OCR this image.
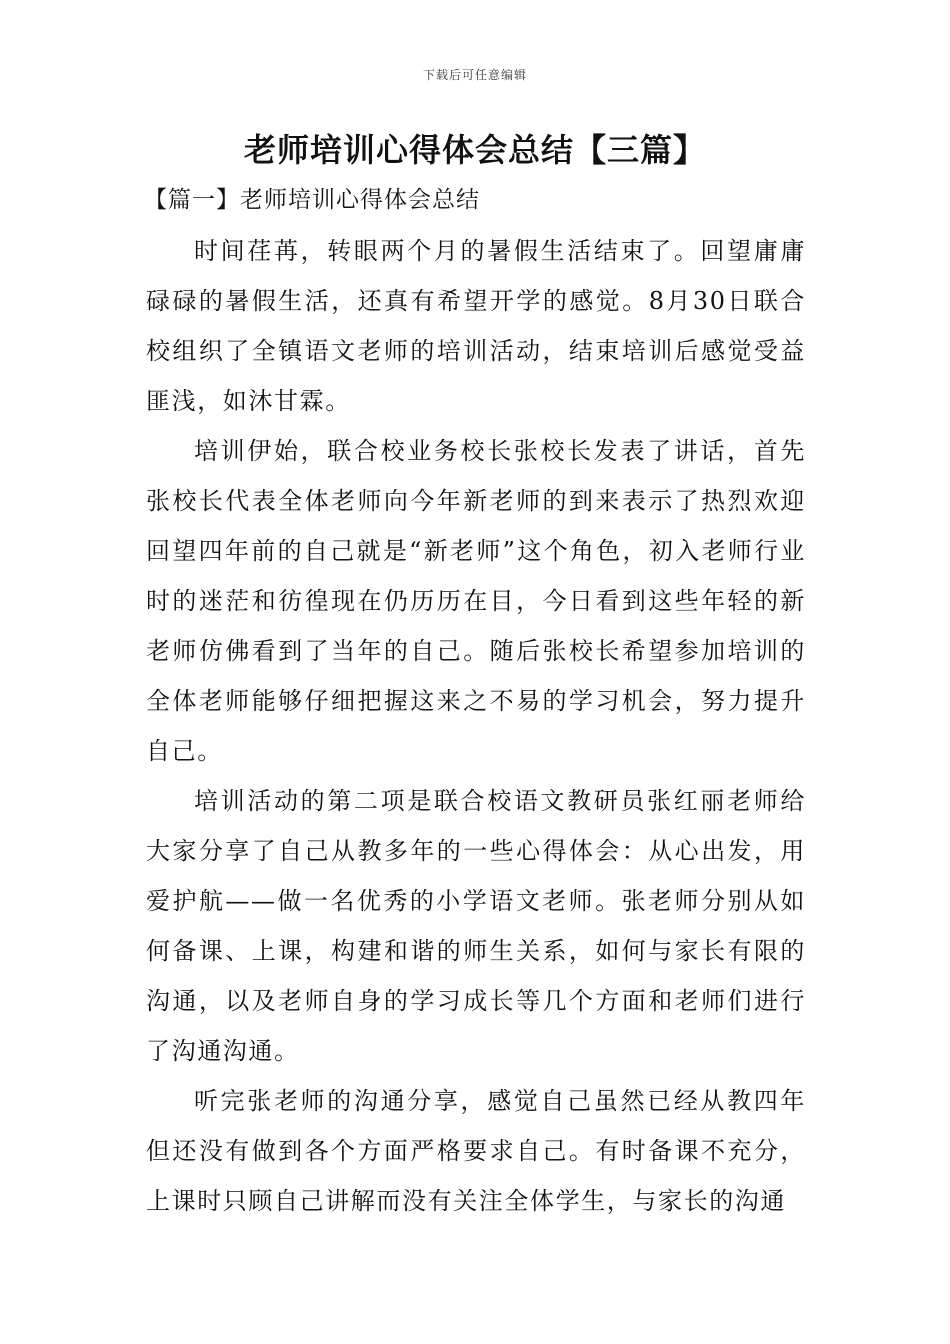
下载后可任意编辑
老师培训心得体会总结【三篇】
【篇一】老师培训心得体会总结

时间荏苒，转眼两个月的暑假生活结束了。回望庸庸碌碌的暑假生活，还真有希望开学的感觉。8月30日联合校组织了全镇语文老师的培训活动，结束培训后感觉受益匪浅，如沐甘霖。

培训伊始，联合校业务校长张校长发表了讲话，首先张校长代表全体老师向今年新老师的到来表示了热烈欢迎回望四年前的自己就是“新老师”这个角色，初入老师行业时的迷茫和彷徨现在仍历历在目，今日看到这些年轻的新老师仿佛看到了当年的自己。随后张校长希望参加培训的全体老师能够仔细把握这来之不易的学习机会，努力提升自己。

培训活动的第二项是联合校语文教研员张红丽老师给大家分享了自己从教多年的一些心得体会：从心出发，用爱护航——做一名优秀的小学语文老师。张老师分别从如何备课、上课，构建和谐的师生关系，如何与家长有限的沟通，以及老师自身的学习成长等几个方面和老师们进行了沟通沟通。

听完张老师的沟通分享，感觉自己虽然已经从教四年但还没有做到各个方面严格要求自己。有时备课不充分，上课时只顾自己讲解而没有关注全体学生，与家长的沟通
